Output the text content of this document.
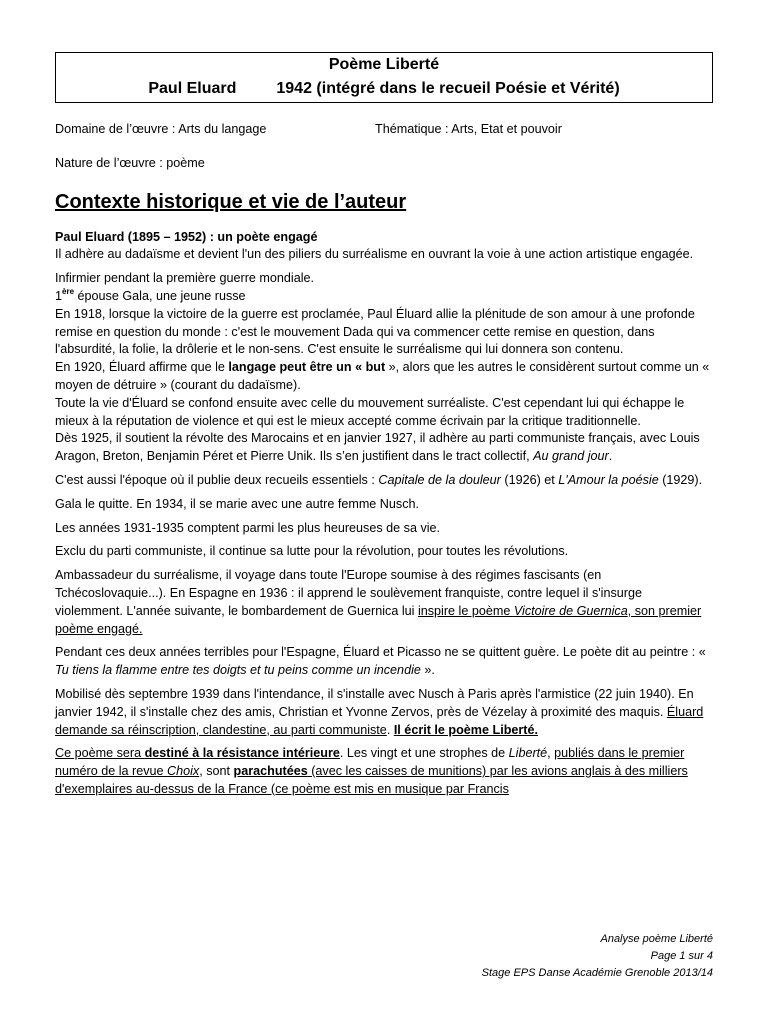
Poème Liberté
Paul Eluard	1942 (intégré dans le recueil Poésie et Vérité)
Domaine de l’œuvre : Arts du langage	Thématique : Arts, Etat et pouvoir
Nature de l’œuvre : poème
Contexte historique et vie de l’auteur

Paul Eluard (1895 – 1952) : un poète engagé
Il adhère au dadaïsme et devient l'un des piliers du surréalisme en ouvrant la voie à une action artistique engagée.

Infirmier pendant la première guerre mondiale.
1ère épouse Gala, une jeune russe
En 1918, lorsque la victoire de la guerre est proclamée, Paul Éluard allie la plénitude de son amour à une profonde remise en question du monde : c'est le mouvement Dada qui va commencer cette remise en question, dans l'absurdité, la folie, la drôlerie et le non-sens. C'est ensuite le surréalisme qui lui donnera son contenu.
En 1920, Éluard affirme que le langage peut être un « but », alors que les autres le considèrent surtout comme un « moyen de détruire » (courant du dadaïsme).
Toute la vie d'Éluard se confond ensuite avec celle du mouvement surréaliste. C'est cependant lui qui échappe le mieux à la réputation de violence et qui est le mieux accepté comme écrivain par la critique traditionnelle.
Dès 1925, il soutient la révolte des Marocains et en janvier 1927, il adhère au parti communiste français, avec Louis Aragon, Breton, Benjamin Péret et Pierre Unik. Ils s’en justifient dans le tract collectif, Au grand jour.

C'est aussi l'époque où il publie deux recueils essentiels : Capitale de la douleur (1926) et L'Amour la poésie (1929).

Gala le quitte. En 1934, il se marie avec une autre femme Nusch.

Les années 1931-1935 comptent parmi les plus heureuses de sa vie.

Exclu du parti communiste, il continue sa lutte pour la révolution, pour toutes les révolutions.

Ambassadeur du surréalisme, il voyage dans toute l'Europe soumise à des régimes fascisants (en Tchécoslovaquie...). En Espagne en 1936 : il apprend le soulèvement franquiste, contre lequel il s'insurge violemment. L'année suivante, le bombardement de Guernica lui inspire le poème Victoire de Guernica, son premier poème engagé.

Pendant ces deux années terribles pour l'Espagne, Éluard et Picasso ne se quittent guère. Le poète dit au peintre : « Tu tiens la flamme entre tes doigts et tu peins comme un incendie ».

Mobilisé dès septembre 1939 dans l'intendance, il s'installe avec Nusch à Paris après l'armistice (22 juin 1940). En janvier 1942, il s'installe chez des amis, Christian et Yvonne Zervos, près de Vézelay à proximité des maquis. Éluard demande sa réinscription, clandestine, au parti communiste. Il écrit le poème Liberté.

Ce poème sera destiné à la résistance intérieure. Les vingt et une strophes de Liberté, publiés dans le premier numéro de la revue Choix, sont parachutées (avec les caisses de munitions) par les avions anglais à des milliers d'exemplaires au-dessus de la France (ce poème est mis en musique par Francis

Analyse poème Liberté
Page 1 sur 4
Stage EPS Danse Académie Grenoble 2013/14
